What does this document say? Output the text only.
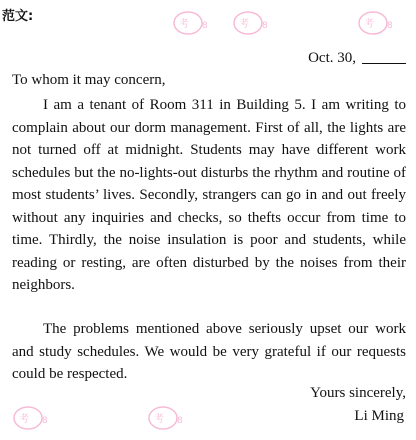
范文:
Oct. 30,
To whom it may concern,

I am a tenant of Room 311 in Building 5. I am writing to complain about our dorm management. First of all, the lights are not turned off at midnight. Students may have different work schedules but the no-lights-out disturbs the rhythm and routine of most students’ lives. Secondly, strangers can go in and out freely without any inquiries and checks, so thefts occur from time to time. Thirdly, the noise insulation is poor and students, while reading or resting, are often disturbed by the noises from their neighbors.

The problems mentioned above seriously upset our work and study schedules. We would be very grateful if our requests could be respected.

Yours sincerely,
Li Ming
考 8	考 8	考 8
考 8	考 8
